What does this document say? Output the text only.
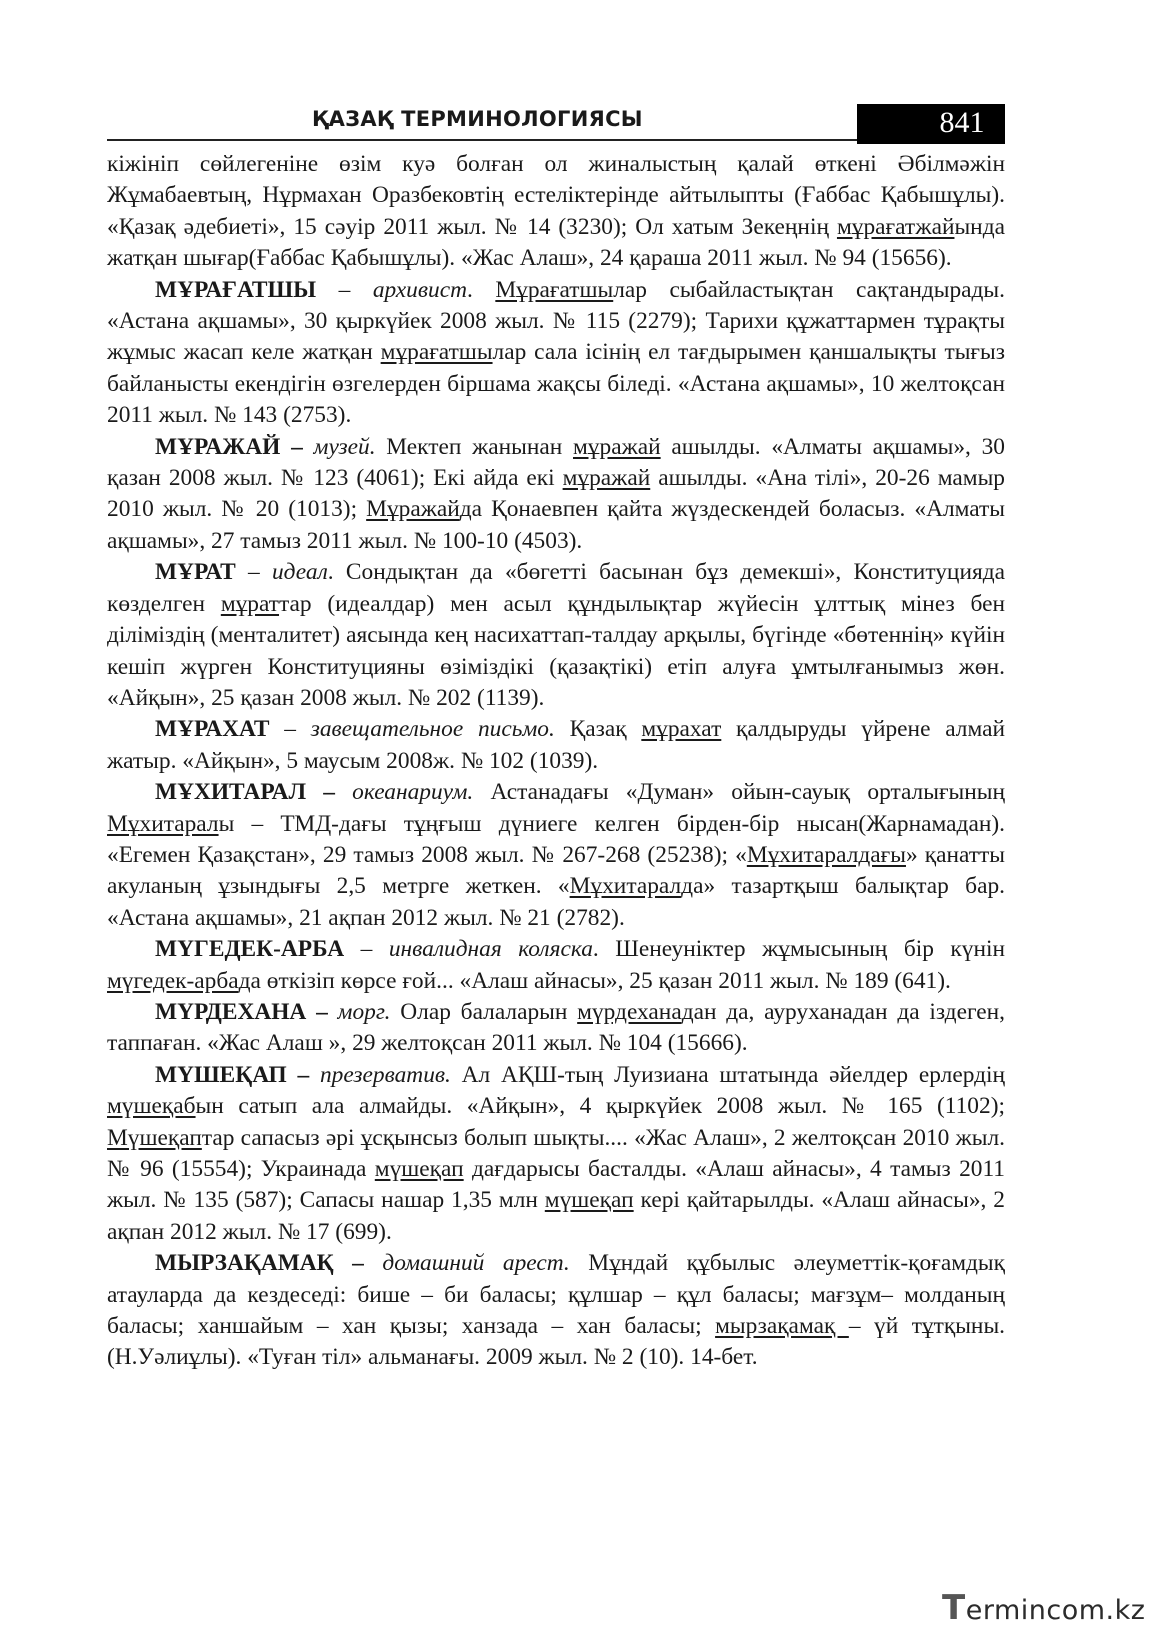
ҚАЗАҚ ТЕРМИНОЛОГИЯСЫ	841

кіжініп сөйлегеніне өзім куә болған ол жиналыстың қалай өткені Әбілмәжін Жұмабаевтың, Нұрмахан Оразбековтің естеліктерінде айтылыпты (Ғаббас Қабышұлы). «Қазақ әдебиеті», 15 сәуір 2011 жыл. № 14 (3230); Ол хатым Зекеңнің мұрағатжайында жатқан шығар(Ғаббас Қабышұлы). «Жас Алаш», 24 қараша 2011 жыл. № 94 (15656).

МҰРАҒАТШЫ – архивист. Мұрағатшылар сыбайластықтан сақтандырады. «Астана ақшамы», 30 қыркүйек 2008 жыл. № 115 (2279); Тарихи құжаттармен тұрақты жұмыс жасап келе жатқан мұрағатшылар сала ісінің ел тағдырымен қаншалықты тығыз байланысты екендігін өзгелерден біршама жақсы біледі. «Астана ақшамы», 10 желтоқсан 2011 жыл. № 143 (2753).

МҰРАЖАЙ – музей. Мектеп жанынан мұражай ашылды. «Алматы ақшамы», 30 қазан 2008 жыл. № 123 (4061); Екі айда екі мұражай ашылды. «Ана тілі», 20-26 мамыр 2010 жыл. № 20 (1013); Мұражайда Қонаевпен қайта жүздескендей боласыз. «Алматы ақшамы», 27 тамыз 2011 жыл. № 100-10 (4503).

МҰРАТ – идеал. Сондықтан да «бөгетті басынан бұз демекші», Конституцияда көзделген мұраттар (идеалдар) мен асыл құндылықтар жүйесін ұлттық мінез бен ділiміздің (менталитет) аясында кең насихаттап-талдау арқылы, бүгінде «бөтеннің» күйін кешіп жүрген Конституцияны өзіміздікі (қазақтікі) етіп алуға ұмтылғанымыз жөн. «Айқын», 25 қазан 2008 жыл. № 202 (1139).

МҰРАХАТ – завещательное письмо. Қазақ мұрахат қалдыруды үйрене алмай жатыр. «Айқын», 5 маусым 2008ж. № 102 (1039).

МҰХИТАРАЛ – океанариум. Астанадағы «Думан» ойын-сауық орталығының Мұхитаралы – ТМД-дағы тұңғыш дүниеге келген бірден-бір нысан(Жарнамадан). «Егемен Қазақстан», 29 тамыз 2008 жыл. № 267-268 (25238); «Мұхитаралдағы» қанатты акуланың ұзындығы 2,5 метрге жеткен. «Мұхитаралда» тазартқыш балықтар бар. «Астана ақшамы», 21 ақпан 2012 жыл. № 21 (2782).

МҮГЕДЕК-АРБА – инвалидная коляска. Шенеуніктер жұмысының бір күнін мүгедек-арбада өткізіп көрсе ғой... «Алаш айнасы», 25 қазан 2011 жыл. № 189 (641).

МҮРДЕХАНА – морг. Олар балаларын мүрдеханадан да, ауруханадан да іздеген, таппаған. «Жас Алаш », 29 желтоқсан 2011 жыл. № 104 (15666).

МҮШЕҚАП – презерватив. Ал АҚШ-тың Луизиана штатында әйелдер ерлердің мүшеқабын сатып ала алмайды. «Айқын», 4 қыркүйек 2008 жыл. № 165 (1102); Мүшеқаптар сапасыз әрі ұсқынсыз болып шықты.... «Жас Алаш», 2 желтоқсан 2010 жыл. № 96 (15554); Украинада мүшеқап дағдарысы басталды. «Алаш айнасы», 4 тамыз 2011 жыл. № 135 (587); Сапасы нашар 1,35 млн мүшеқап кері қайтарылды. «Алаш айнасы», 2 ақпан 2012 жыл. № 17 (699).

МЫРЗАҚАМАҚ – домашний арест. Мұндай құбылыс әлеуметтік-қоғамдық атауларда да кездеседі: бише – би баласы; құлшар – құл баласы; мағзұм– молданың баласы; ханшайым – хан қызы; ханзада – хан баласы; мырзақамақ – үй тұтқыны. (Н.Уәлиұлы). «Туған тіл» альманағы. 2009 жыл. № 2 (10). 14-бет.

Termincοm.kz
